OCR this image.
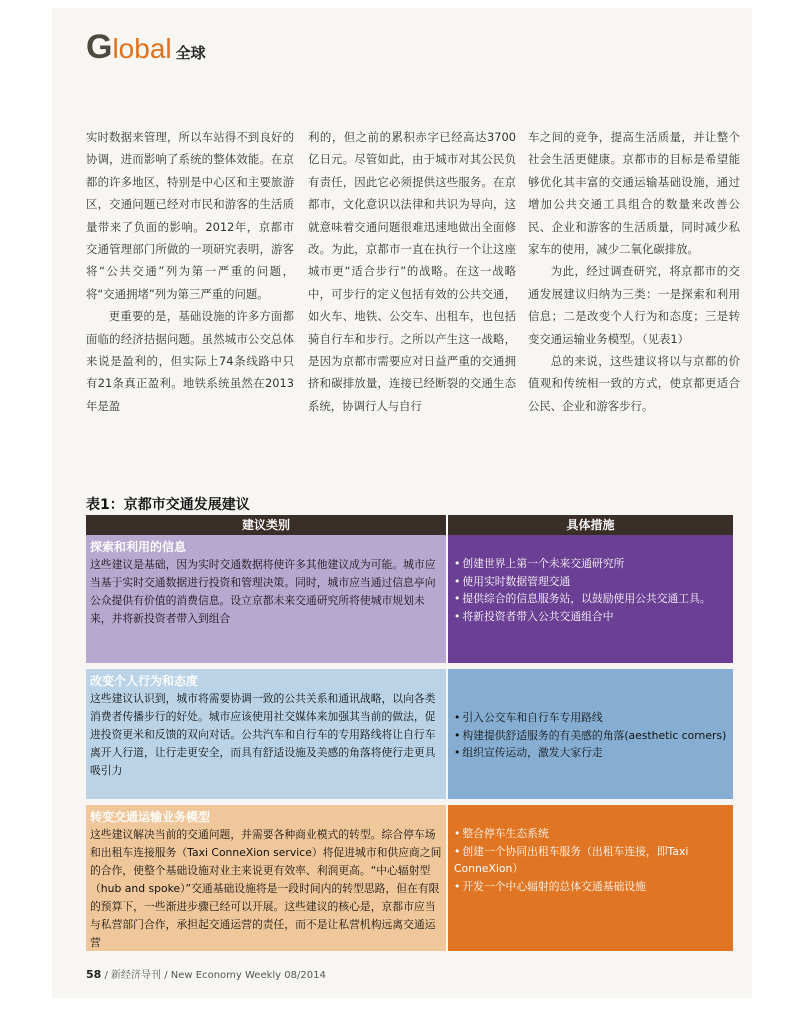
G lobal 全球

实时数据来管理，所以车站得不到良好的协调，进而影响了系统的整体效能。在京都的许多地区，特别是中心区和主要旅游区，交通问题已经对市民和游客的生活质量带来了负面的影响。2012年，京都市交通管理部门所做的一项研究表明，游客将“公共交通”列为第一严重的问题，将“交通拥堵”列为第三严重的问题。

更重要的是，基础设施的许多方面都面临的经济拮据问题。虽然城市公交总体来说是盈利的，但实际上74条线路中只有21条真正盈利。地铁系统虽然在2013年是盈

利的，但之前的累积赤字已经高达3700亿日元。尽管如此，由于城市对其公民负有责任，因此它必须提供这些服务。在京都市，文化意识以法律和共识为导向，这就意味着交通问题很难迅速地做出全面修改。为此，京都市一直在执行一个让这座城市更“适合步行”的战略。在这一战略中，可步行的定义包括有效的公共交通，如火车、地铁、公交车、出租车，也包括骑自行车和步行。之所以产生这一战略，是因为京都市需要应对日益严重的交通拥挤和碳排放量，连接已经断裂的交通生态系统，协调行人与自行

车之间的竞争，提高生活质量，并让整个社会生活更健康。京都市的目标是希望能够优化其丰富的交通运输基础设施，通过增加公共交通工具组合的数量来改善公民、企业和游客的生活质量，同时减少私家车的使用，减少二氧化碳排放。

为此，经过调查研究，将京都市的交通发展建议归纳为三类：一是探索和利用信息；二是改变个人行为和态度；三是转变交通运输业务模型。（见表1）

总的来说，这些建议将以与京都的价值观和传统相一致的方式，使京都更适合公民、企业和游客步行。

表1：京都市交通发展建议
建议类别	具体措施
探索和利用的信息
这些建议是基础，因为实时交通数据将使许多其他建议成为可能。城市应当基于实时交通数据进行投资和管理决策。同时，城市应当通过信息亭向公众提供有价值的消费信息。设立京都未来交通研究所将使城市规划未来，并将新投资者带入到组合
• 创建世界上第一个未来交通研究所
• 使用实时数据管理交通
• 提供综合的信息服务站，以鼓励使用公共交通工具。
• 将新投资者带入公共交通组合中
改变个人行为和态度
这些建议认识到，城市将需要协调一致的公共关系和通讯战略，以向各类消费者传播步行的好处。城市应该使用社交媒体来加强其当前的做法，促进投资更米和反馈的双向对话。公共汽车和自行车的专用路线将让自行车离开人行道，让行走更安全，而具有舒适设施及美感的角落将使行走更具吸引力
• 引入公交车和自行车专用路线
• 构建提供舒适服务的有美感的角落(aesthetic corners)
• 组织宣传运动，激发大家行走
转变交通运输业务模型
这些建议解决当前的交通问题，并需要各种商业模式的转型。综合停车场和出租车连接服务（Taxi ConneXion service）将促进城市和供应商之间的合作，使整个基础设施对业主来说更有效率、利润更高。“中心辐射型（hub and spoke）”交通基础设施将是一段时间内的转型思路，但在有限的预算下，一些渐进步骤已经可以开展。这些建议的核心是，京都市应当与私营部门合作，承担起交通运营的责任，而不是让私营机构远离交通运营
• 整合停车生态系统
• 创建一个协同出租车服务（出租车连接，即Taxi ConneXion）
• 开发一个中心辐射的总体交通基础设施
58 / 新经济导刊 / New Economy Weekly 08/2014
